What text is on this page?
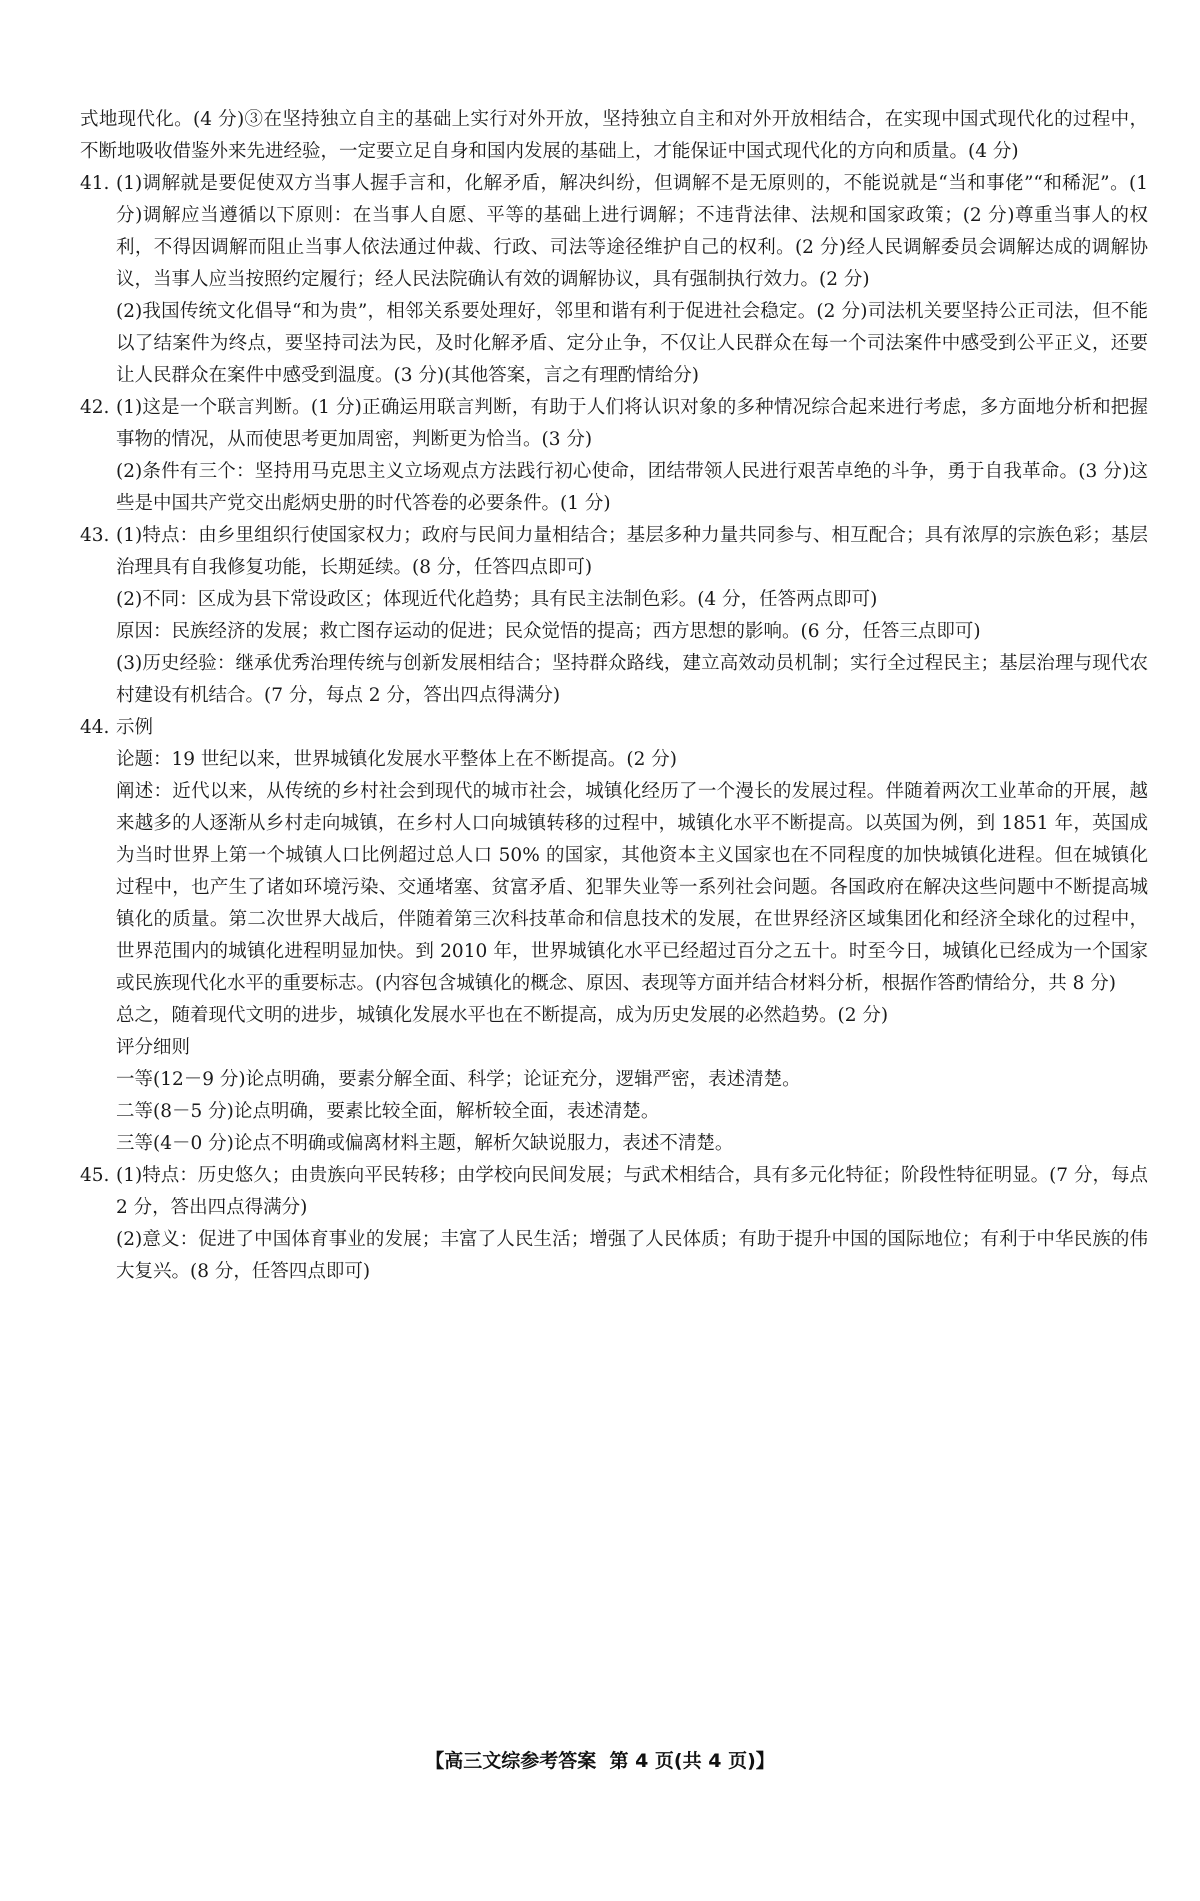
式地现代化。(4 分)③在坚持独立自主的基础上实行对外开放，坚持独立自主和对外开放相结合，在实现中国式现代化的过程中，不断地吸收借鉴外来先进经验，一定要立足自身和国内发展的基础上，才能保证中国式现代化的方向和质量。(4 分)

41. (1)调解就是要促使双方当事人握手言和，化解矛盾，解决纠纷，但调解不是无原则的，不能说就是“当和事佬”“和稀泥”。(1 分)调解应当遵循以下原则：在当事人自愿、平等的基础上进行调解；不违背法律、法规和国家政策；(2 分)尊重当事人的权利，不得因调解而阻止当事人依法通过仲裁、行政、司法等途径维护自己的权利。(2 分)经人民调解委员会调解达成的调解协议，当事人应当按照约定履行；经人民法院确认有效的调解协议，具有强制执行效力。(2 分)

(2)我国传统文化倡导“和为贵”，相邻关系要处理好，邻里和谐有利于促进社会稳定。(2 分)司法机关要坚持公正司法，但不能以了结案件为终点，要坚持司法为民，及时化解矛盾、定分止争，不仅让人民群众在每一个司法案件中感受到公平正义，还要让人民群众在案件中感受到温度。(3 分)(其他答案，言之有理酌情给分)

42. (1)这是一个联言判断。(1 分)正确运用联言判断，有助于人们将认识对象的多种情况综合起来进行考虑，多方面地分析和把握事物的情况，从而使思考更加周密，判断更为恰当。(3 分)

(2)条件有三个：坚持用马克思主义立场观点方法践行初心使命，团结带领人民进行艰苦卓绝的斗争，勇于自我革命。(3 分)这些是中国共产党交出彪炳史册的时代答卷的必要条件。(1 分)

43. (1)特点：由乡里组织行使国家权力；政府与民间力量相结合；基层多种力量共同参与、相互配合；具有浓厚的宗族色彩；基层治理具有自我修复功能，长期延续。(8 分，任答四点即可)

(2)不同：区成为县下常设政区；体现近代化趋势；具有民主法制色彩。(4 分，任答两点即可)

原因：民族经济的发展；救亡图存运动的促进；民众觉悟的提高；西方思想的影响。(6 分，任答三点即可)

(3)历史经验：继承优秀治理传统与创新发展相结合；坚持群众路线，建立高效动员机制；实行全过程民主；基层治理与现代农村建设有机结合。(7 分，每点 2 分，答出四点得满分)

44. 示例

论题：19 世纪以来，世界城镇化发展水平整体上在不断提高。(2 分)

阐述：近代以来，从传统的乡村社会到现代的城市社会，城镇化经历了一个漫长的发展过程。伴随着两次工业革命的开展，越来越多的人逐渐从乡村走向城镇，在乡村人口向城镇转移的过程中，城镇化水平不断提高。以英国为例，到 1851 年，英国成为当时世界上第一个城镇人口比例超过总人口 50% 的国家，其他资本主义国家也在不同程度的加快城镇化进程。但在城镇化过程中，也产生了诸如环境污染、交通堵塞、贫富矛盾、犯罪失业等一系列社会问题。各国政府在解决这些问题中不断提高城镇化的质量。第二次世界大战后，伴随着第三次科技革命和信息技术的发展，在世界经济区域集团化和经济全球化的过程中，世界范围内的城镇化进程明显加快。到 2010 年，世界城镇化水平已经超过百分之五十。时至今日，城镇化已经成为一个国家或民族现代化水平的重要标志。(内容包含城镇化的概念、原因、表现等方面并结合材料分析，根据作答酌情给分，共 8 分)

总之，随着现代文明的进步，城镇化发展水平也在不断提高，成为历史发展的必然趋势。(2 分)

评分细则

一等(12－9 分)论点明确，要素分解全面、科学；论证充分，逻辑严密，表述清楚。

二等(8－5 分)论点明确，要素比较全面，解析较全面，表述清楚。

三等(4－0 分)论点不明确或偏离材料主题，解析欠缺说服力，表述不清楚。

45. (1)特点：历史悠久；由贵族向平民转移；由学校向民间发展；与武术相结合，具有多元化特征；阶段性特征明显。(7 分，每点 2 分，答出四点得满分)

(2)意义：促进了中国体育事业的发展；丰富了人民生活；增强了人民体质；有助于提升中国的国际地位；有利于中华民族的伟大复兴。(8 分，任答四点即可)

【高三文综参考答案  第 4 页(共 4 页)】
